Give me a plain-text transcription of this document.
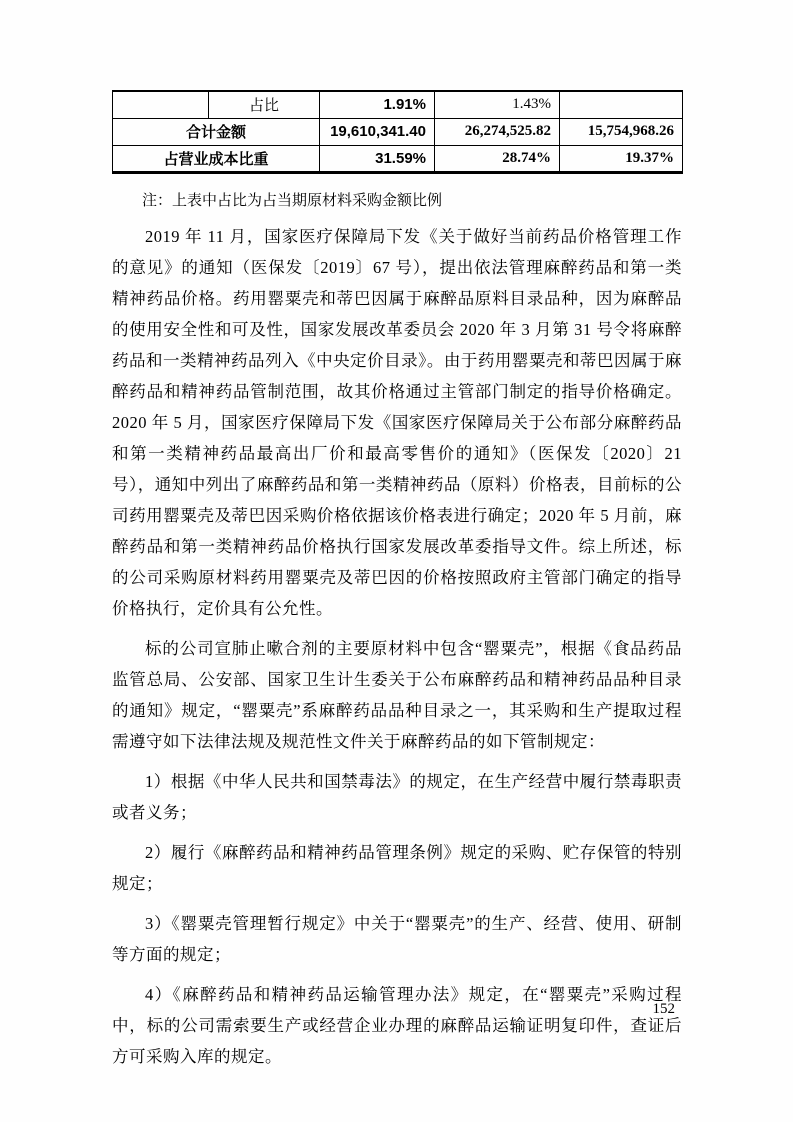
	占比	1.91%	1.43%	
合计金额		19,610,341.40	26,274,525.82	15,754,968.26
占营业成本比重		31.59%	28.74%	19.37%
注：上表中占比为占当期原材料采购金额比例
2019 年 11 月，国家医疗保障局下发《关于做好当前药品价格管理工作的意见》的通知（医保发〔2019〕67 号），提出依法管理麻醉药品和第一类精神药品价格。药用罂粟壳和蒂巴因属于麻醉品原料目录品种，因为麻醉品的使用安全性和可及性，国家发展改革委员会 2020 年 3 月第 31 号令将麻醉药品和一类精神药品列入《中央定价目录》。由于药用罂粟壳和蒂巴因属于麻醉药品和精神药品管制范围，故其价格通过主管部门制定的指导价格确定。2020 年 5 月，国家医疗保障局下发《国家医疗保障局关于公布部分麻醉药品和第一类精神药品最高出厂价和最高零售价的通知》（医保发〔2020〕21 号），通知中列出了麻醉药品和第一类精神药品（原料）价格表，目前标的公司药用罂粟壳及蒂巴因采购价格依据该价格表进行确定；2020 年 5 月前，麻醉药品和第一类精神药品价格执行国家发展改革委指导文件。综上所述，标的公司采购原材料药用罂粟壳及蒂巴因的价格按照政府主管部门确定的指导价格执行，定价具有公允性。
标的公司宣肺止嗽合剂的主要原材料中包含“罂粟壳”，根据《食品药品监管总局、公安部、国家卫生计生委关于公布麻醉药品和精神药品品种目录的通知》规定，“罂粟壳”系麻醉药品品种目录之一，其采购和生产提取过程需遵守如下法律法规及规范性文件关于麻醉药品的如下管制规定：
1）根据《中华人民共和国禁毒法》的规定，在生产经营中履行禁毒职责或者义务；
2）履行《麻醉药品和精神药品管理条例》规定的采购、贮存保管的特别规定；
3）《罂粟壳管理暂行规定》中关于“罂粟壳”的生产、经营、使用、研制等方面的规定；
4）《麻醉药品和精神药品运输管理办法》规定，在“罂粟壳”采购过程中，标的公司需索要生产或经营企业办理的麻醉品运输证明复印件，查证后方可采购入库的规定。
152
